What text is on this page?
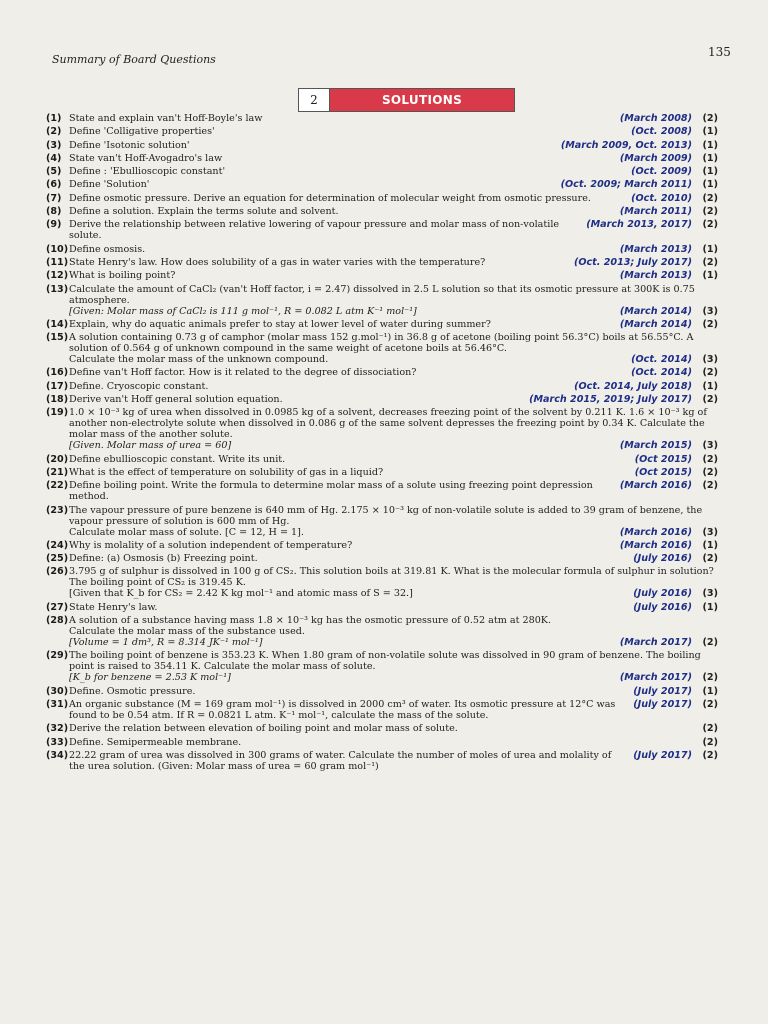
Summary of Board Questions
135
2	SOLUTIONS
(1) State and explain van't Hoff-Boyle's law	(March 2008)	(2)
(2) Define 'Colligative properties'	(Oct. 2008)	(1)
(3) Define 'Isotonic solution'	(March 2009, Oct. 2013)	(1)
(4) State van't Hoff-Avogadro's law	(March 2009)	(1)
(5) Define : 'Ebullioscopic constant'	(Oct. 2009)	(1)
(6) Define 'Solution'	(Oct. 2009; March 2011)	(1)
(7) Define osmotic pressure. Derive an equation for determination of molecular weight from osmotic pressure.	(Oct. 2010)	(2)
(8) Define a solution. Explain the terms solute and solvent.	(March 2011)	(2)
(9) Derive the relationship between relative lowering of vapour pressure and molar mass of non-volatile solute.
(March 2013, 2017)	(2)
(10) Define osmosis.	(March 2013)	(1)
(11) State Henry's law. How does solubility of a gas in water varies with the temperature?	(Oct. 2013; July 2017)	(2)
(12) What is boiling point?	(March 2013)	(1)
(13) Calculate the amount of CaCl₂ (van't Hoff factor, i = 2.47) dissolved in 2.5 L solution so that its osmotic pressure at 300K is 0.75 atmosphere.
[Given: Molar mass of CaCl₂ is 111 g mol⁻¹, R = 0.082 L atm K⁻¹ mol⁻¹]	(March 2014)	(3)
(14) Explain, why do aquatic animals prefer to stay at lower level of water during summer?	(March 2014)	(2)
(15) A solution containing 0.73 g of camphor (molar mass 152 g.mol⁻¹) in 36.8 g of acetone (boiling point 56.3°C) boils at 56.55°C. A solution of 0.564 g of unknown compound in the same weight of acetone boils at 56.46°C.
Calculate the molar mass of the unknown compound.	(Oct. 2014)	(3)
(16) Define van't Hoff factor. How is it related to the degree of dissociation?	(Oct. 2014)	(2)
(17) Define. Cryoscopic constant.	(Oct. 2014, July 2018)	(1)
(18) Derive van't Hoff general solution equation.	(March 2015, 2019; July 2017)	(2)
(19) 1.0 × 10⁻³ kg of urea when dissolved in 0.0985 kg of a solvent, decreases freezing point of the solvent by 0.211 K. 1.6 × 10⁻³ kg of another non-electrolyte solute when dissolved in 0.086 g of the same solvent depresses the freezing point by 0.34 K. Calculate the molar mass of the another solute.
[Given. Molar mass of urea = 60]	(March 2015)	(3)
(20) Define ebullioscopic constant. Write its unit.	(Oct 2015)	(2)
(21) What is the effect of temperature on solubility of gas in a liquid?	(Oct 2015)	(2)
(22) Define boiling point. Write the formula to determine molar mass of a solute using freezing point depression method.
(March 2016)	(2)
(23) The vapour pressure of pure benzene is 640 mm of Hg. 2.175 × 10⁻³ kg of non-volatile solute is added to 39 gram of benzene, the vapour pressure of solution is 600 mm of Hg.
Calculate molar mass of solute. [C = 12, H = 1].	(March 2016)	(3)
(24) Why is molality of a solution independent of temperature?	(March 2016)	(1)
(25) Define: (a) Osmosis (b) Freezing point.	(July 2016)	(2)
(26) 3.795 g of sulphur is dissolved in 100 g of CS₂. This solution boils at 319.81 K. What is the molecular formula of sulphur in solution? The boiling point of CS₂ is 319.45 K.
[Given that K_b for CS₂ = 2.42 K kg mol⁻¹ and atomic mass of S = 32.]	(July 2016)	(3)
(27) State Henry's law.	(July 2016)	(1)
(28) A solution of a substance having mass 1.8 × 10⁻³ kg has the osmotic pressure of 0.52 atm at 280K.
Calculate the molar mass of the substance used.
[Volume = 1 dm³, R = 8.314 JK⁻¹ mol⁻¹]	(March 2017)	(2)
(29) The boiling point of benzene is 353.23 K. When 1.80 gram of non-volatile solute was dissolved in 90 gram of benzene. The boiling point is raised to 354.11 K. Calculate the molar mass of solute.
[K_b for benzene = 2.53 K mol⁻¹]	(March 2017)	(2)
(30) Define. Osmotic pressure.	(July 2017)	(1)
(31) An organic substance (M = 169 gram mol⁻¹) is dissolved in 2000 cm³ of water. Its osmotic pressure at 12°C was found to be 0.54 atm. If R = 0.0821 L atm. K⁻¹ mol⁻¹, calculate the mass of the solute.
(July 2017)	(2)
(32) Derive the relation between elevation of boiling point and molar mass of solute.	(2)
(33) Define. Semipermeable membrane.	(2)
(34) 22.22 gram of urea was dissolved in 300 grams of water. Calculate the number of moles of urea and molality of the urea solution. (Given: Molar mass of urea = 60 gram mol⁻¹)
(July 2017)	(2)
